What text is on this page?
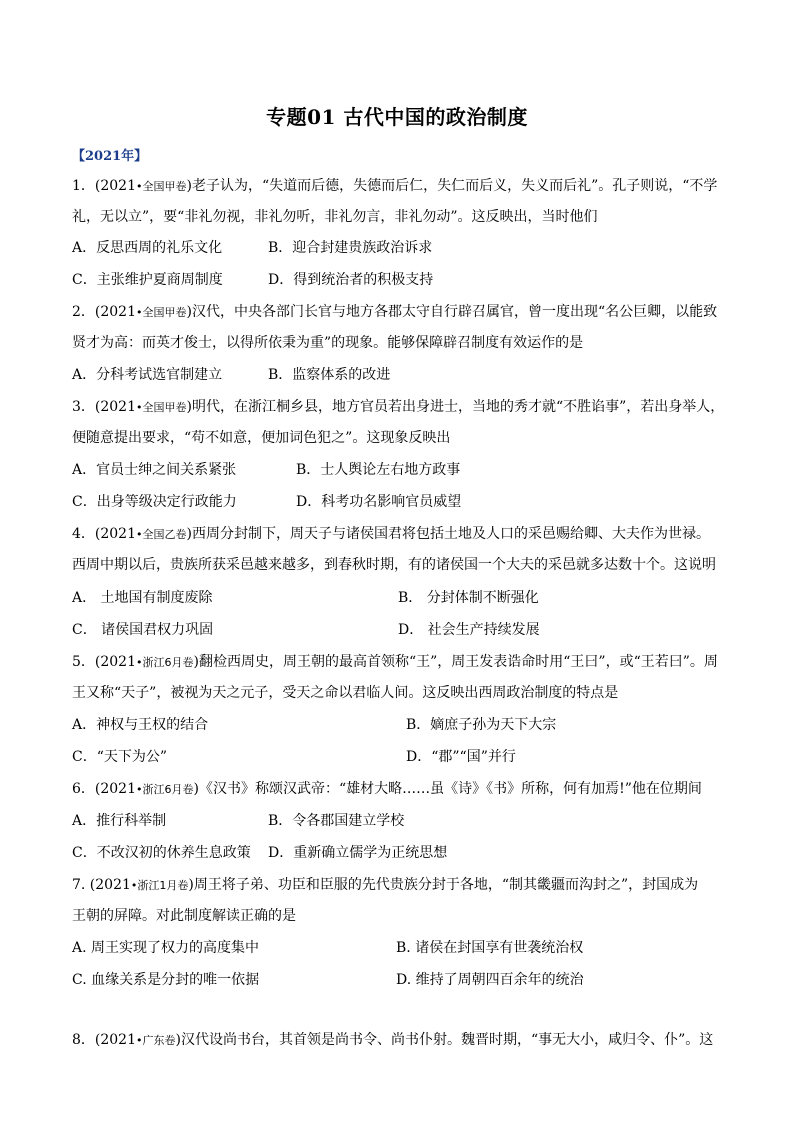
专题01 古代中国的政治制度
【2021年】
1．(2021•全国甲卷)老子认为，“失道而后德，失德而后仁，失仁而后义，失义而后礼”。孔子则说，“不学
礼，无以立”，要“非礼勿视，非礼勿听，非礼勿言，非礼勿动”。这反映出，当时他们
A．反思西周的礼乐文化	B．迎合封建贵族政治诉求
C．主张维护夏商周制度	D．得到统治者的积极支持
2．(2021•全国甲卷)汉代，中央各部门长官与地方各郡太守自行辟召属官，曾一度出现“名公巨卿，以能致
贤才为高：而英才俊士，以得所依秉为重”的现象。能够保障辟召制度有效运作的是
A．分科考试选官制建立	B．监察体系的改进
3．(2021•全国甲卷)明代，在浙江桐乡县，地方官员若出身进士，当地的秀才就“不胜谄事”，若出身举人，
便随意提出要求，“苟不如意，便加词色犯之”。这现象反映出
A．官员士绅之间关系紧张	B．士人舆论左右地方政事
C．出身等级决定行政能力	D．科考功名影响官员威望
4．(2021•全国乙卷)西周分封制下，周天子与诸侯国君将包括土地及人口的采邑赐给卿、大夫作为世禄。
西周中期以后，贵族所获采邑越来越多，到春秋时期，有的诸侯国一个大夫的采邑就多达数十个。这说明
A． 土地国有制度废除	B． 分封体制不断强化
C． 诸侯国君权力巩固	D． 社会生产持续发展
5．(2021•浙江6月卷)翻检西周史，周王朝的最高首领称“王”，周王发表诰命时用“王曰”，或“王若曰”。周
王又称“天子”，被视为天之元子，受天之命以君临人间。这反映出西周政治制度的特点是
A．神权与王权的结合	B．嫡庶子孙为天下大宗
C．“天下为公”	D．“郡”“国”并行
6．(2021•浙江6月卷)《汉书》称颂汉武帝：“雄材大略……虽《诗》《书》所称，何有加焉!”他在位期间
A．推行科举制	B．令各郡国建立学校
C．不改汉初的休养生息政策 D．重新确立儒学为正统思想
7. (2021•浙江1月卷)周王将子弟、功臣和臣服的先代贵族分封于各地，“制其畿疆而沟封之”，封国成为
王朝的屏障。对此制度解读正确的是
A. 周王实现了权力的高度集中	B. 诸侯在封国享有世袭统治权
C. 血缘关系是分封的唯一依据	D. 维持了周朝四百余年的统治
8．(2021•广东卷)汉代设尚书台，其首领是尚书令、尚书仆射。魏晋时期，“事无大小，咸归令、仆”。这
